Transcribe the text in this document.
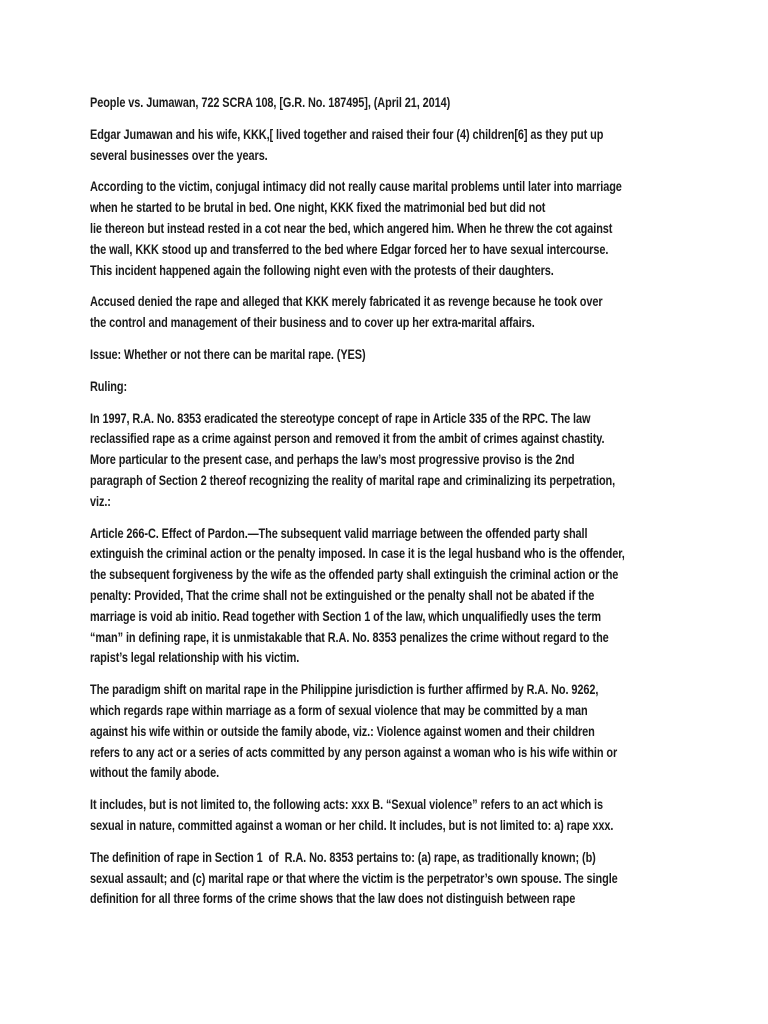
People vs. Jumawan, 722 SCRA 108, [G.R. No. 187495], (April 21, 2014)
Edgar Jumawan and his wife, KKK,[ lived together and raised their four (4) children[6] as they put up
several businesses over the years.
According to the victim, conjugal intimacy did not really cause marital problems until later into marriage
when he started to be brutal in bed. One night, KKK fixed the matrimonial bed but did not
lie thereon but instead rested in a cot near the bed, which angered him. When he threw the cot against
the wall, KKK stood up and transferred to the bed where Edgar forced her to have sexual intercourse.
This incident happened again the following night even with the protests of their daughters.
Accused denied the rape and alleged that KKK merely fabricated it as revenge because he took over
the control and management of their business and to cover up her extra-marital affairs.
Issue: Whether or not there can be marital rape. (YES)
Ruling:
In 1997, R.A. No. 8353 eradicated the stereotype concept of rape in Article 335 of the RPC. The law
reclassified rape as a crime against person and removed it from the ambit of crimes against chastity.
More particular to the present case, and perhaps the law’s most progressive proviso is the 2nd
paragraph of Section 2 thereof recognizing the reality of marital rape and criminalizing its perpetration,
viz.:
Article 266-C. Effect of Pardon.—The subsequent valid marriage between the offended party shall
extinguish the criminal action or the penalty imposed. In case it is the legal husband who is the offender,
the subsequent forgiveness by the wife as the offended party shall extinguish the criminal action or the
penalty: Provided, That the crime shall not be extinguished or the penalty shall not be abated if the
marriage is void ab initio. Read together with Section 1 of the law, which unqualifiedly uses the term
“man” in defining rape, it is unmistakable that R.A. No. 8353 penalizes the crime without regard to the
rapist’s legal relationship with his victim.
The paradigm shift on marital rape in the Philippine jurisdiction is further affirmed by R.A. No. 9262,
which regards rape within marriage as a form of sexual violence that may be committed by a man
against his wife within or outside the family abode, viz.: Violence against women and their children
refers to any act or a series of acts committed by any person against a woman who is his wife within or
without the family abode.
It includes, but is not limited to, the following acts: xxx B. “Sexual violence” refers to an act which is
sexual in nature, committed against a woman or her child. It includes, but is not limited to: a) rape xxx.
The definition of rape in Section 1  of  R.A. No. 8353 pertains to: (a) rape, as traditionally known; (b)
sexual assault; and (c) marital rape or that where the victim is the perpetrator’s own spouse. The single
definition for all three forms of the crime shows that the law does not distinguish between rape
